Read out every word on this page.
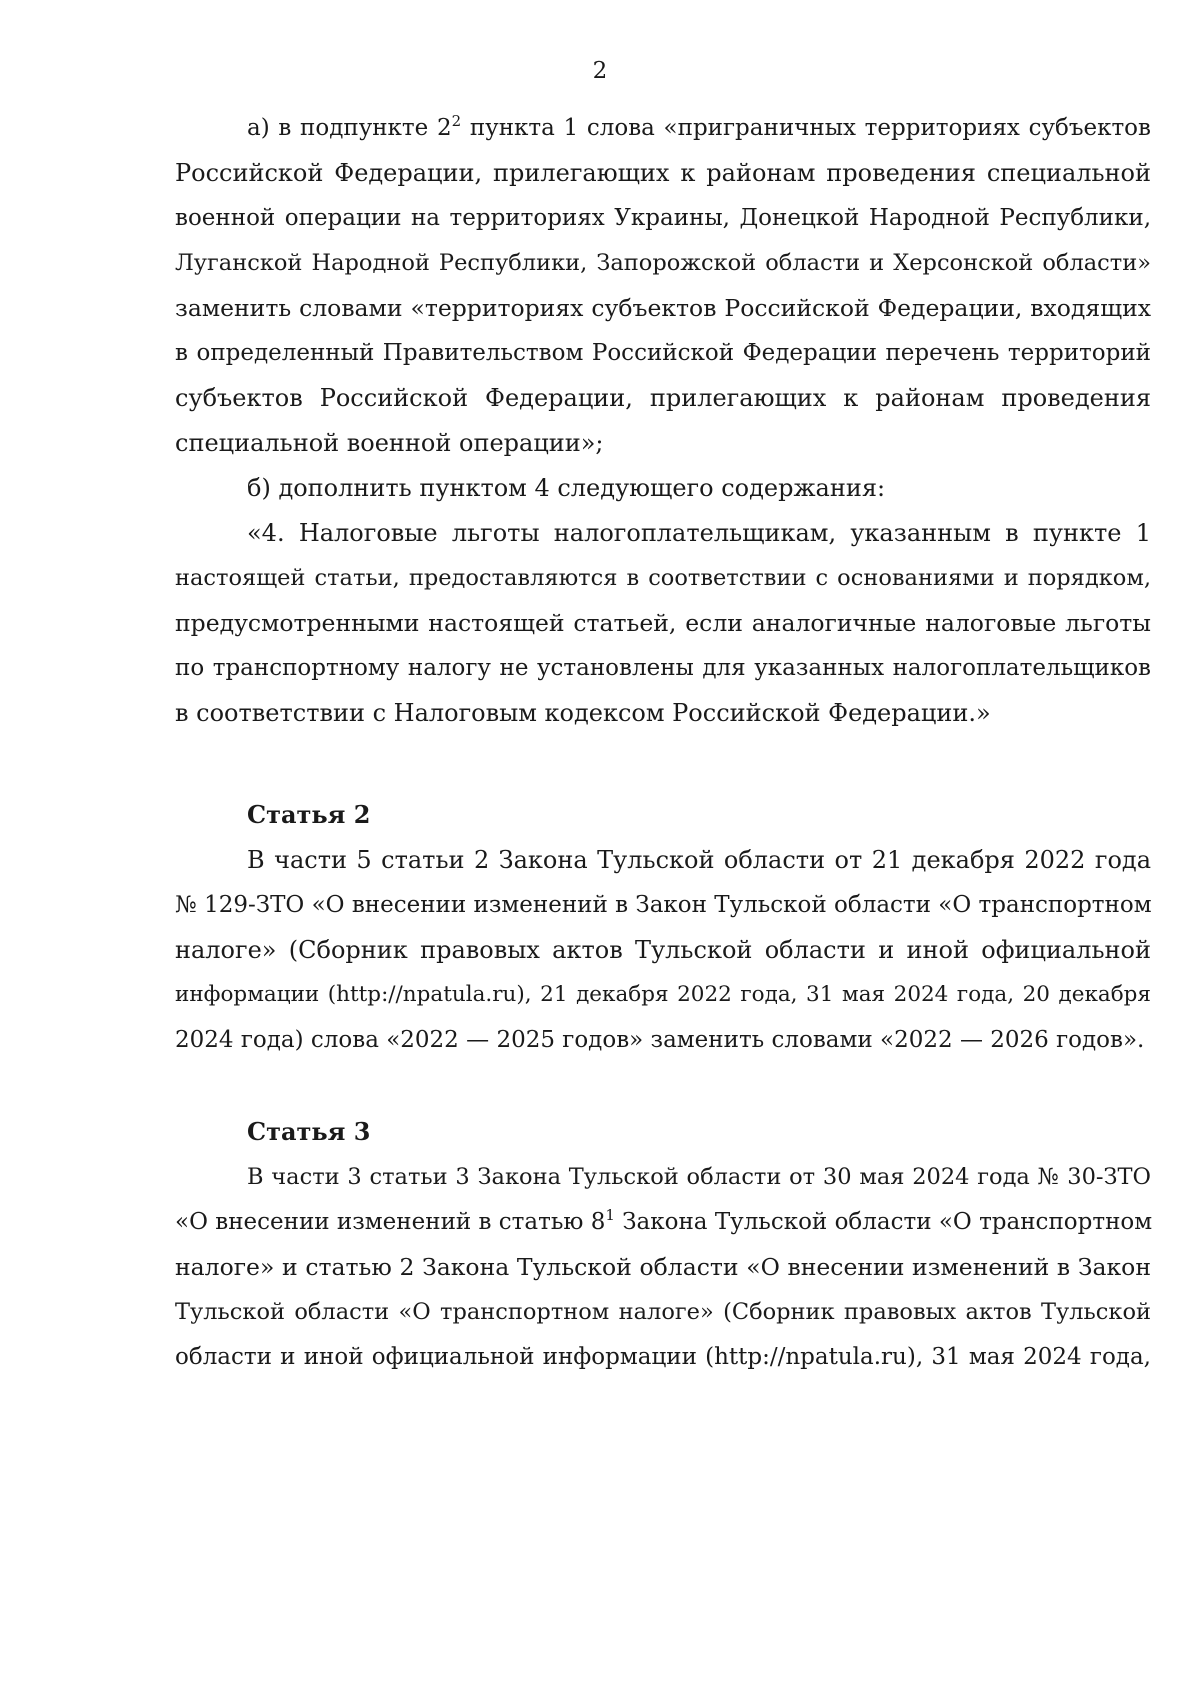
2
а) в подпункте $2^2$ пункта 1 слова «приграничных территориях субъектов
Российской Федерации, прилегающих к районам проведения специальной
военной операции на территориях Украины, Донецкой Народной Республики,
Луганской Народной Республики, Запорожской области и Херсонской области»
заменить словами «территориях субъектов Российской Федерации, входящих
в определенный Правительством Российской Федерации перечень территорий
субъектов Российской Федерации, прилегающих к районам проведения
специальной военной операции»;
б) дополнить пунктом 4 следующего содержания:
«4. Налоговые льготы налогоплательщикам, указанным в пункте 1
настоящей статьи, предоставляются в соответствии с основаниями и порядком,
предусмотренными настоящей статьей, если аналогичные налоговые льготы
по транспортному налогу не установлены для указанных налогоплательщиков
в соответствии с Налоговым кодексом Российской Федерации.»
Статья 2
В части 5 статьи 2 Закона Тульской области от 21 декабря 2022 года
№ 129-ЗТО «О внесении изменений в Закон Тульской области «О транспортном
налоге» (Сборник правовых актов Тульской области и иной официальной
информации (http://npatula.ru), 21 декабря 2022 года, 31 мая 2024 года, 20 декабря
2024 года) слова «2022 — 2025 годов» заменить словами «2022 — 2026 годов».
Статья 3
В части 3 статьи 3 Закона Тульской области от 30 мая 2024 года № 30-ЗТО
«О внесении изменений в статью $8^1$ Закона Тульской области «О транспортном
налоге» и статью 2 Закона Тульской области «О внесении изменений в Закон
Тульской области «О транспортном налоге» (Сборник правовых актов Тульской
области и иной официальной информации (http://npatula.ru), 31 мая 2024 года,
